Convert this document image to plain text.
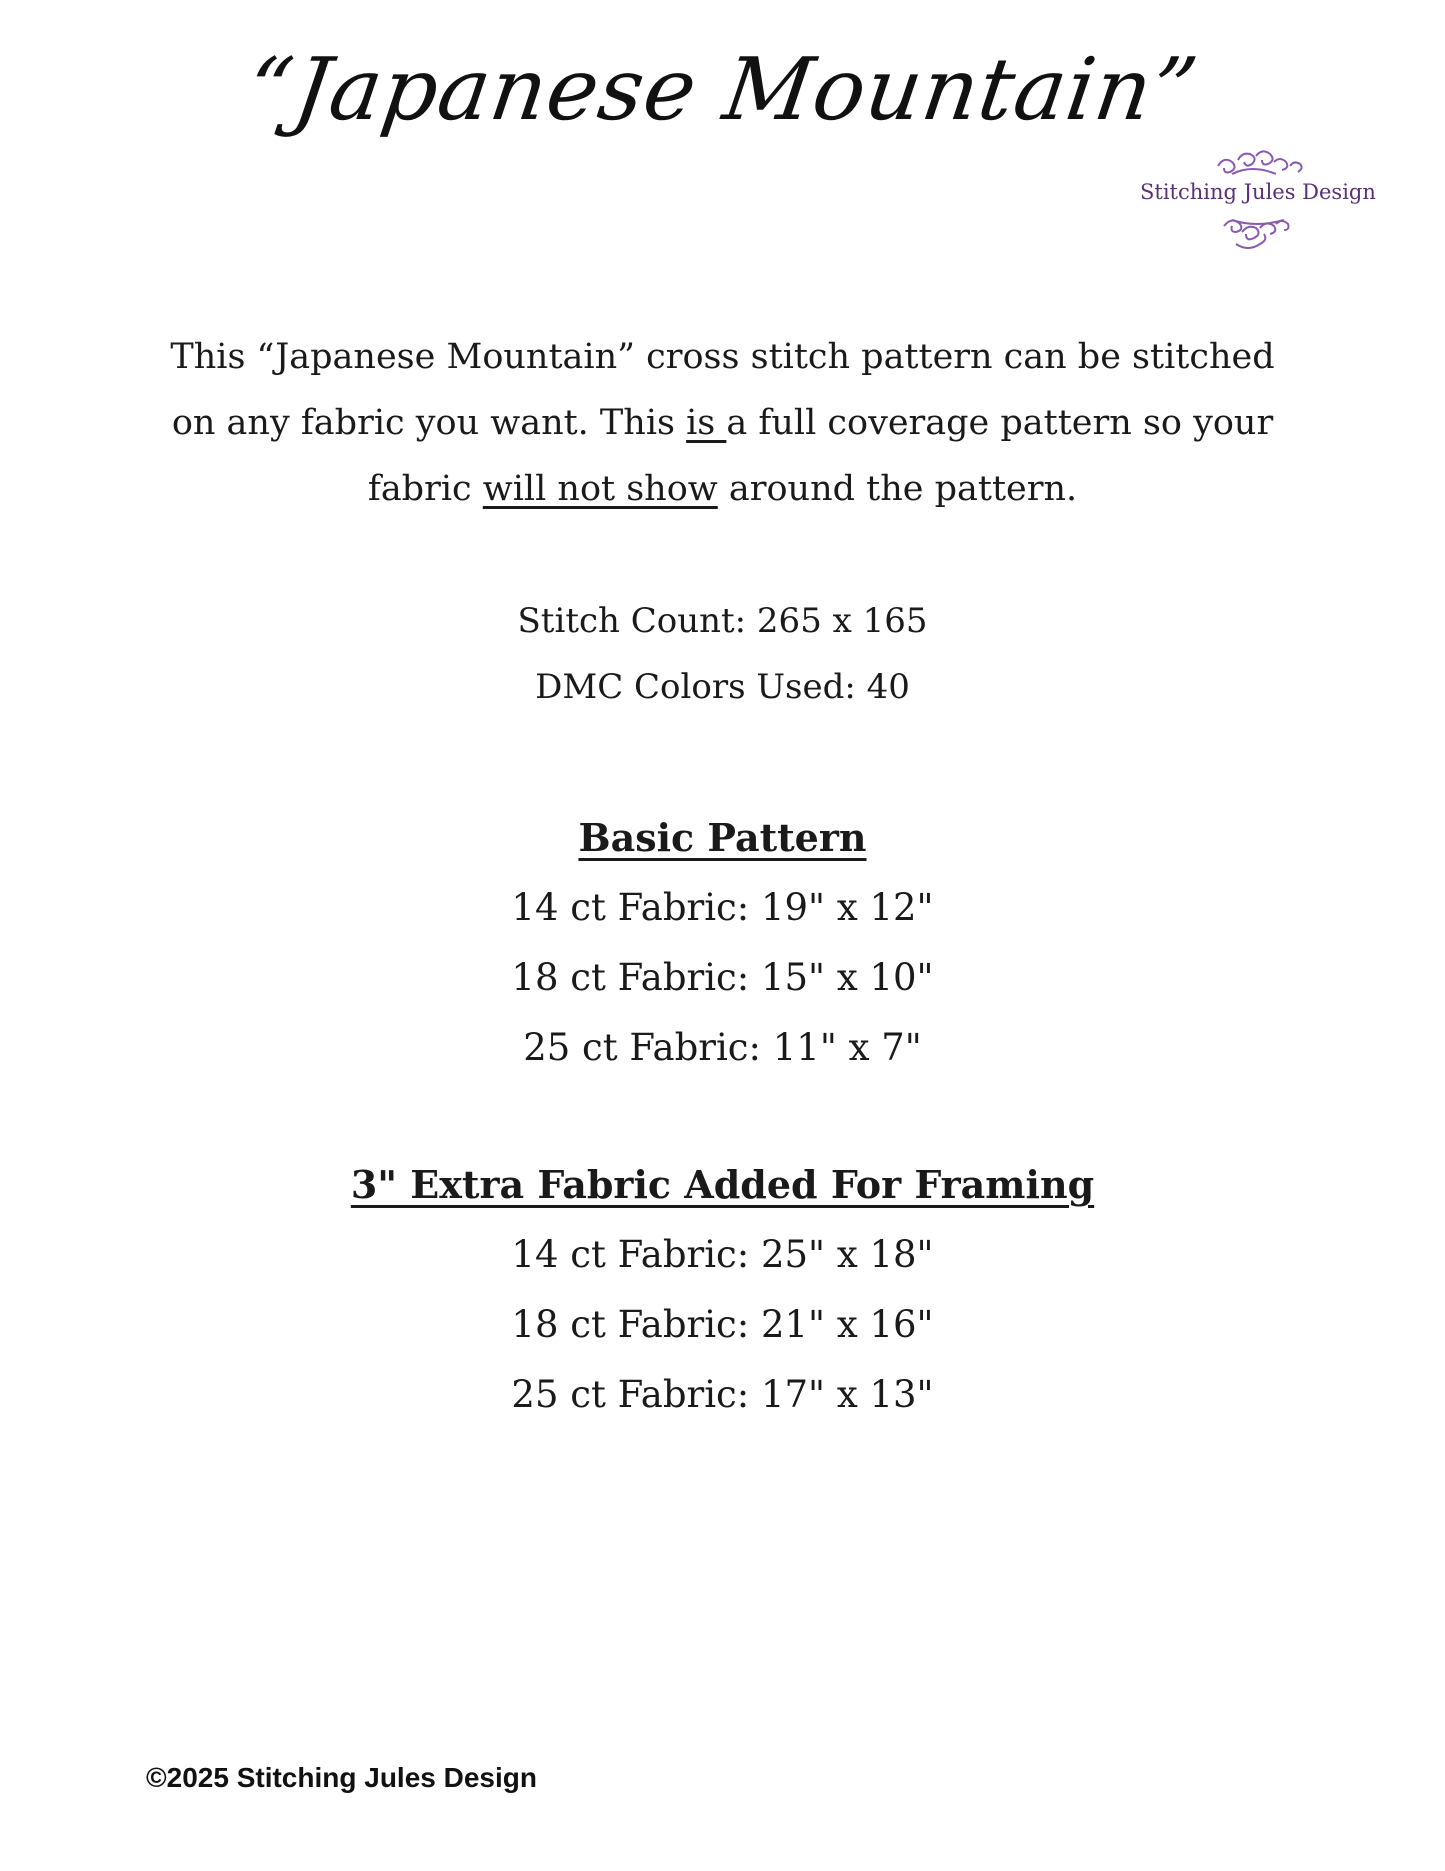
“Japanese Mountain”
Stitching Jules Design
This “Japanese Mountain” cross stitch pattern can be stitched on any fabric you want. This is a full coverage pattern so your fabric will not show around the pattern.
Stitch Count: 265 x 165
DMC Colors Used: 40
Basic Pattern
14 ct Fabric: 19" x 12"
18 ct Fabric: 15" x 10"
25 ct Fabric: 11" x 7"
3" Extra Fabric Added For Framing
14 ct Fabric: 25" x 18"
18 ct Fabric: 21" x 16"
25 ct Fabric: 17" x 13"
©2025 Stitching Jules Design
